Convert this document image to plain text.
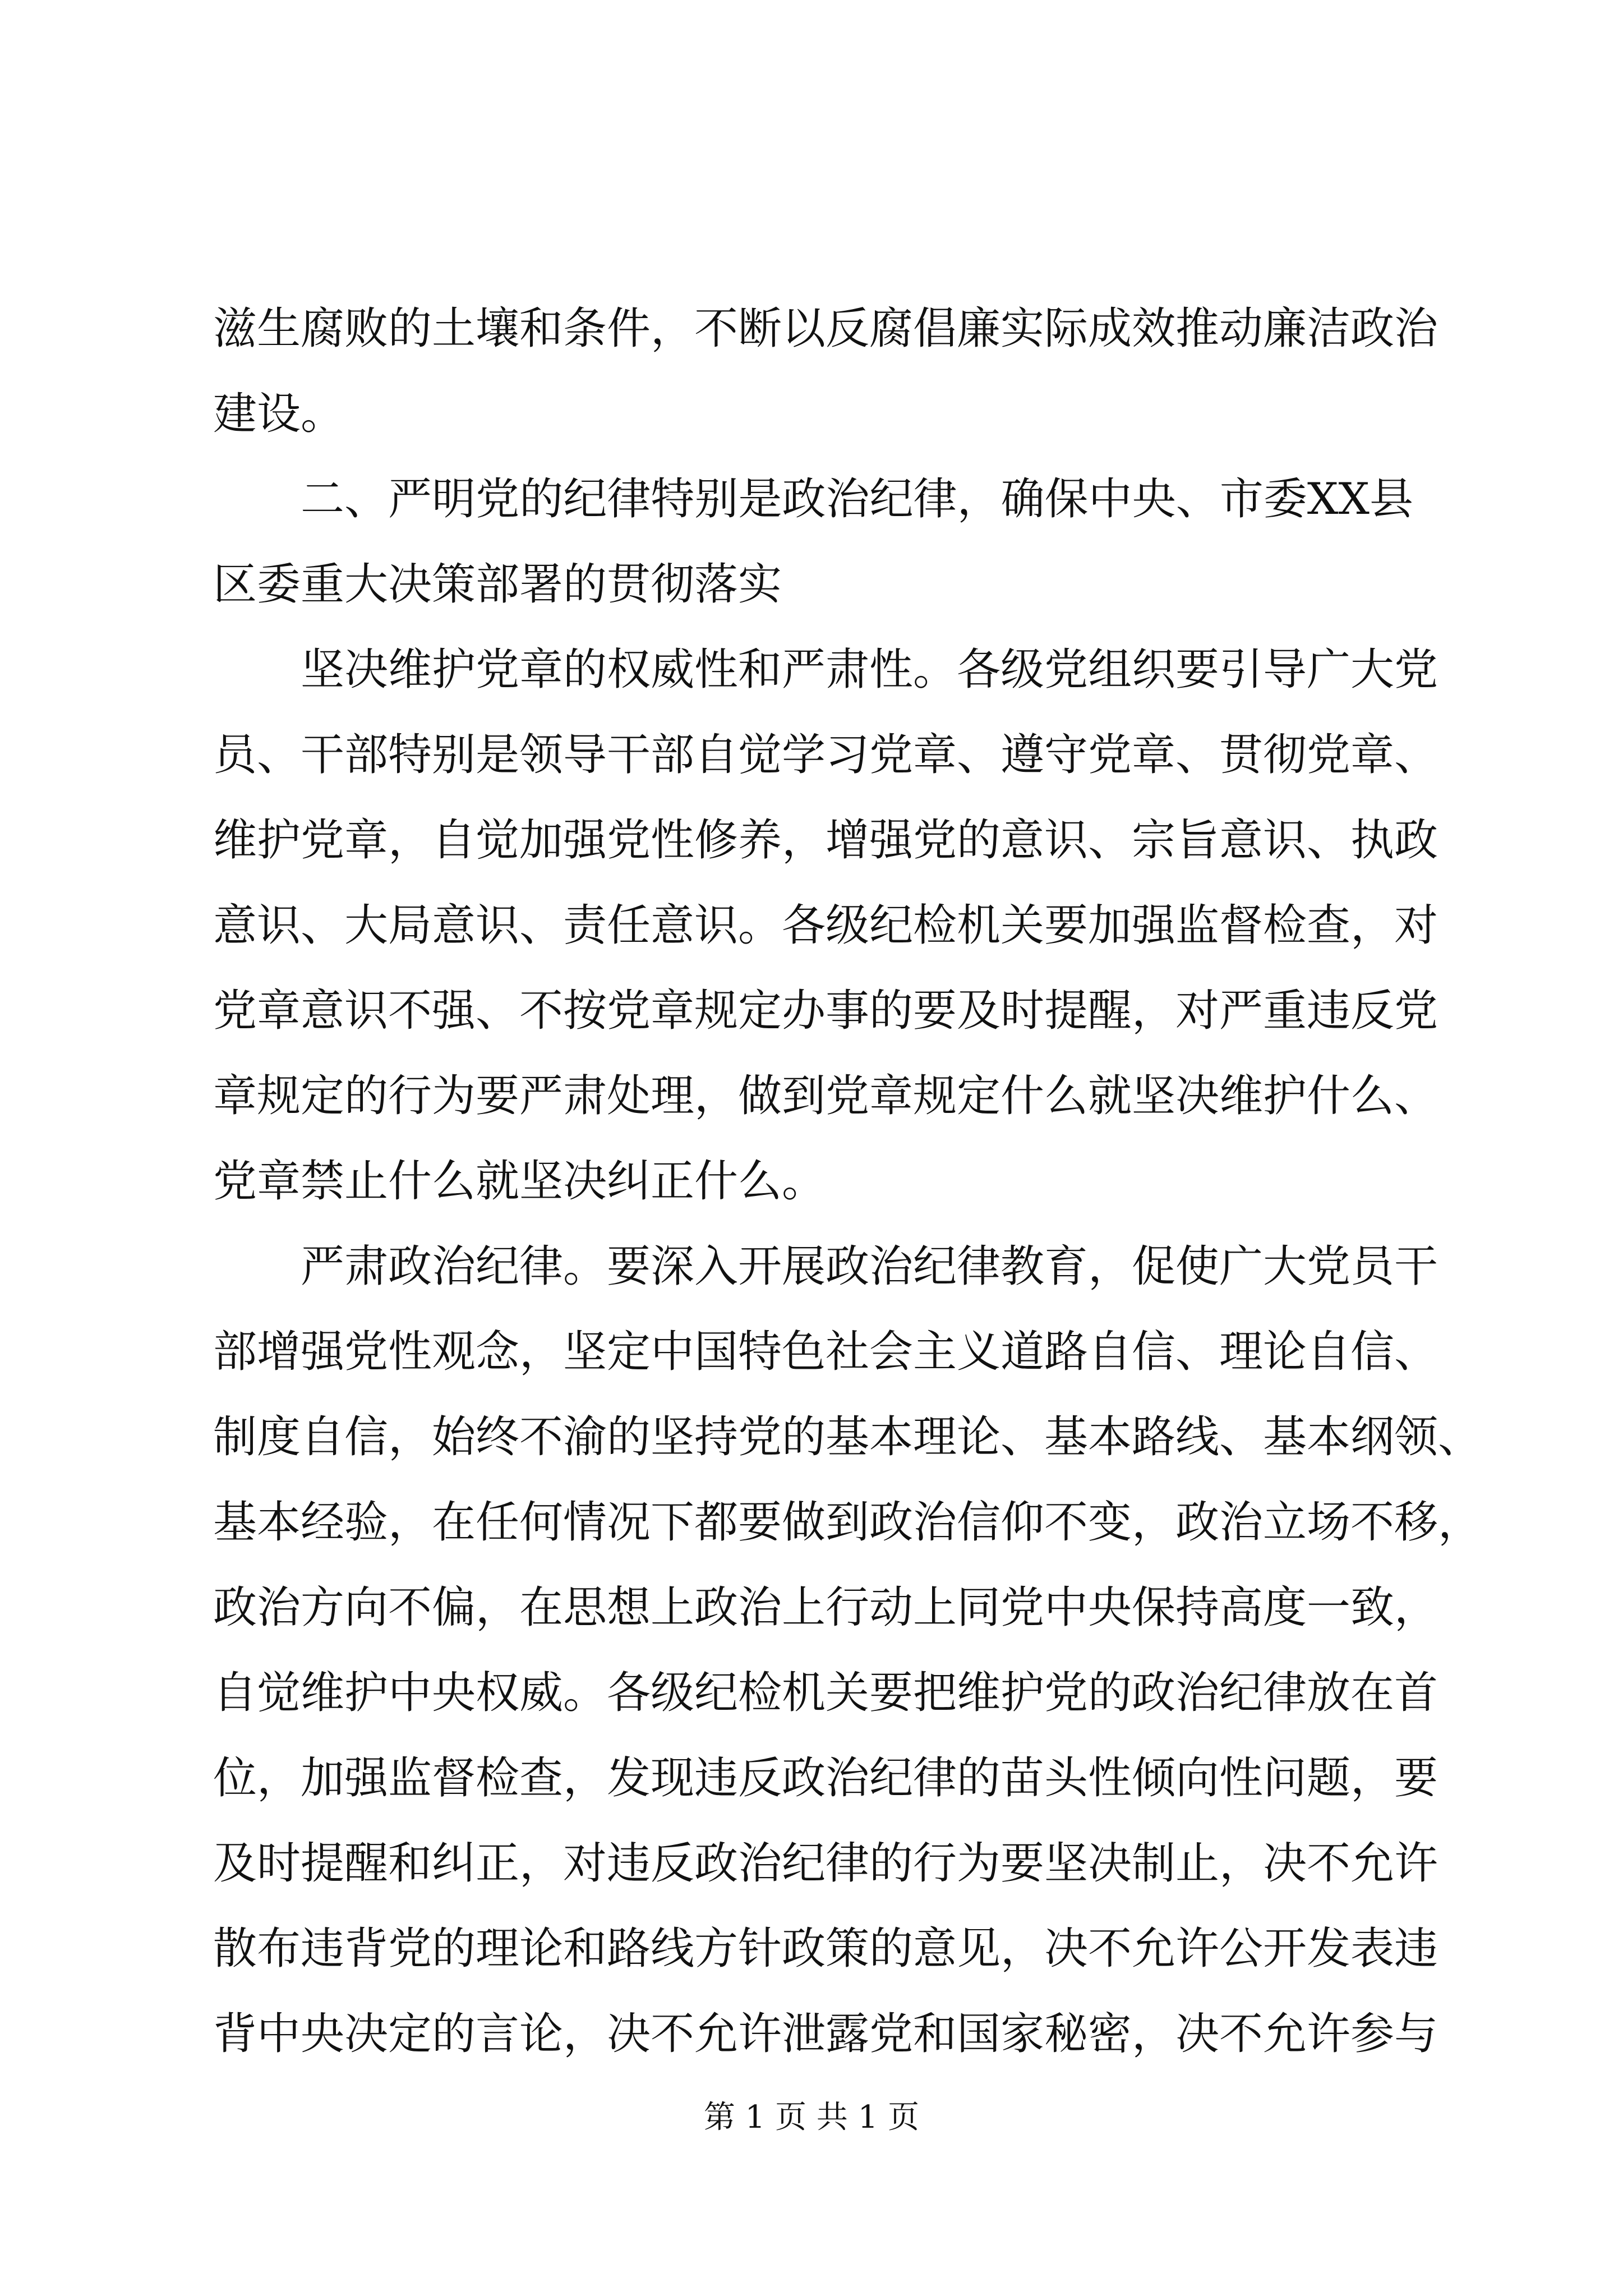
滋生腐败的土壤和条件，不断以反腐倡廉实际成效推动廉洁政治
建设。
二、严明党的纪律特别是政治纪律，确保中央、市委XX县
区委重大决策部署的贯彻落实
坚决维护党章的权威性和严肃性。各级党组织要引导广大党
员、干部特别是领导干部自觉学习党章、遵守党章、贯彻党章、
维护党章，自觉加强党性修养，增强党的意识、宗旨意识、执政
意识、大局意识、责任意识。各级纪检机关要加强监督检查，对
党章意识不强、不按党章规定办事的要及时提醒，对严重违反党
章规定的行为要严肃处理，做到党章规定什么就坚决维护什么、
党章禁止什么就坚决纠正什么。
严肃政治纪律。要深入开展政治纪律教育，促使广大党员干
部增强党性观念，坚定中国特色社会主义道路自信、理论自信、
制度自信，始终不渝的坚持党的基本理论、基本路线、基本纲领、
基本经验，在任何情况下都要做到政治信仰不变，政治立场不移，
政治方向不偏，在思想上政治上行动上同党中央保持高度一致，
自觉维护中央权威。各级纪检机关要把维护党的政治纪律放在首
位，加强监督检查，发现违反政治纪律的苗头性倾向性问题，要
及时提醒和纠正，对违反政治纪律的行为要坚决制止，决不允许
散布违背党的理论和路线方针政策的意见，决不允许公开发表违
背中央决定的言论，决不允许泄露党和国家秘密，决不允许参与
第 1 页 共 1 页
